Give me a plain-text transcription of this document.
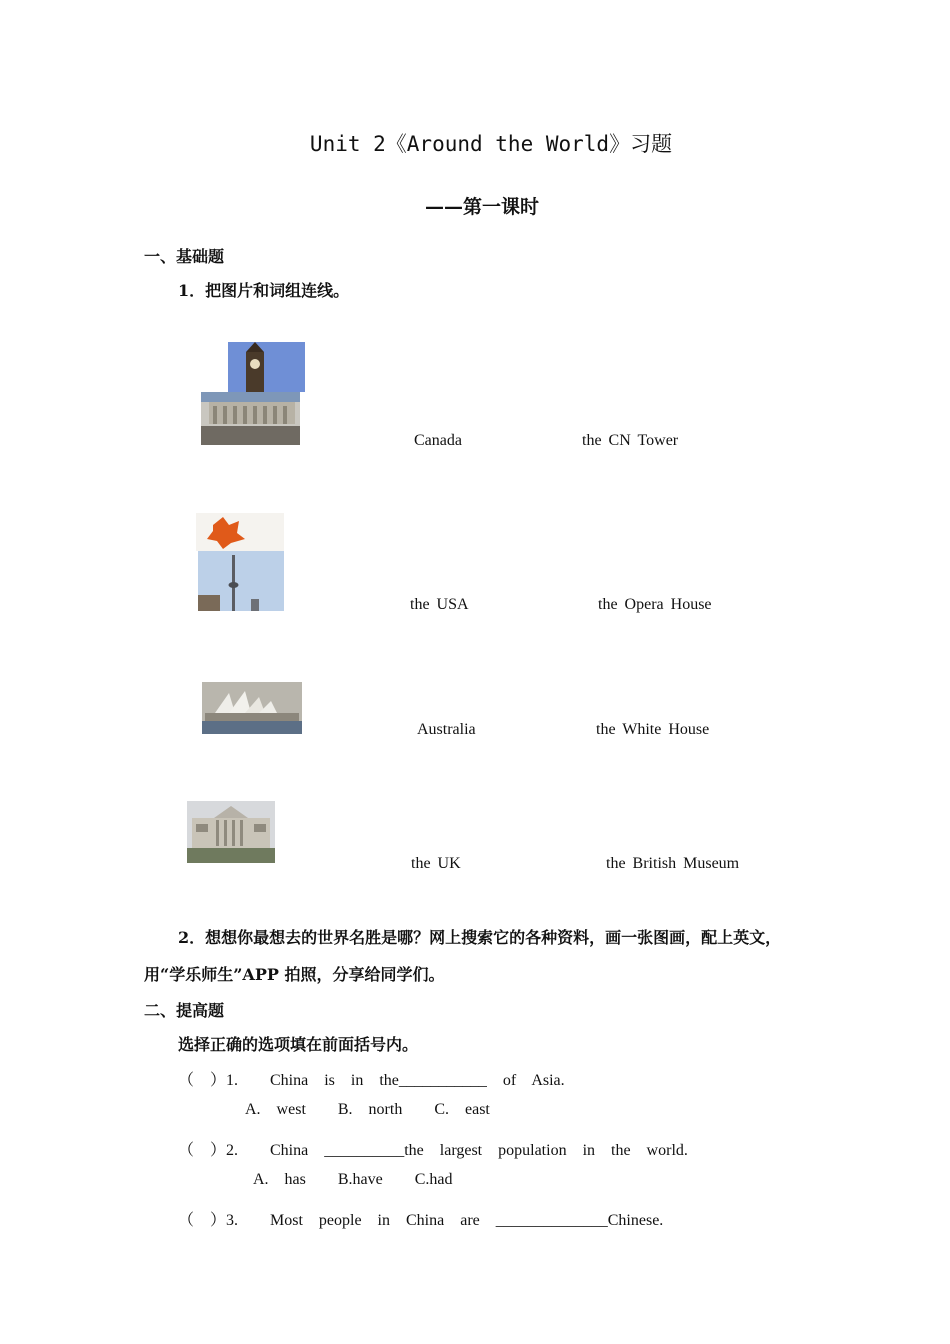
Unit 2《Around the World》习题
——第一课时
一、基础题
1．把图片和词组连线。
Canada
the USA
Australia
the UK
the CN Tower
the Opera House
the White House
the British Museum
2．想想你最想去的世界名胜是哪？网上搜索它的各种资料，画一张图画，配上英文，
用“学乐师生”APP 拍照，分享给同学们。
二、提高题
选择正确的选项填在前面括号内。
（  ）1.    China  is  in  the___________  of  Asia.
A.  west    B.  north    C.  east
（  ）2.    China  __________the  largest  population  in  the  world.
A.  has    B.have    C.had
（  ）3.    Most  people  in  China  are  ______________Chinese.
